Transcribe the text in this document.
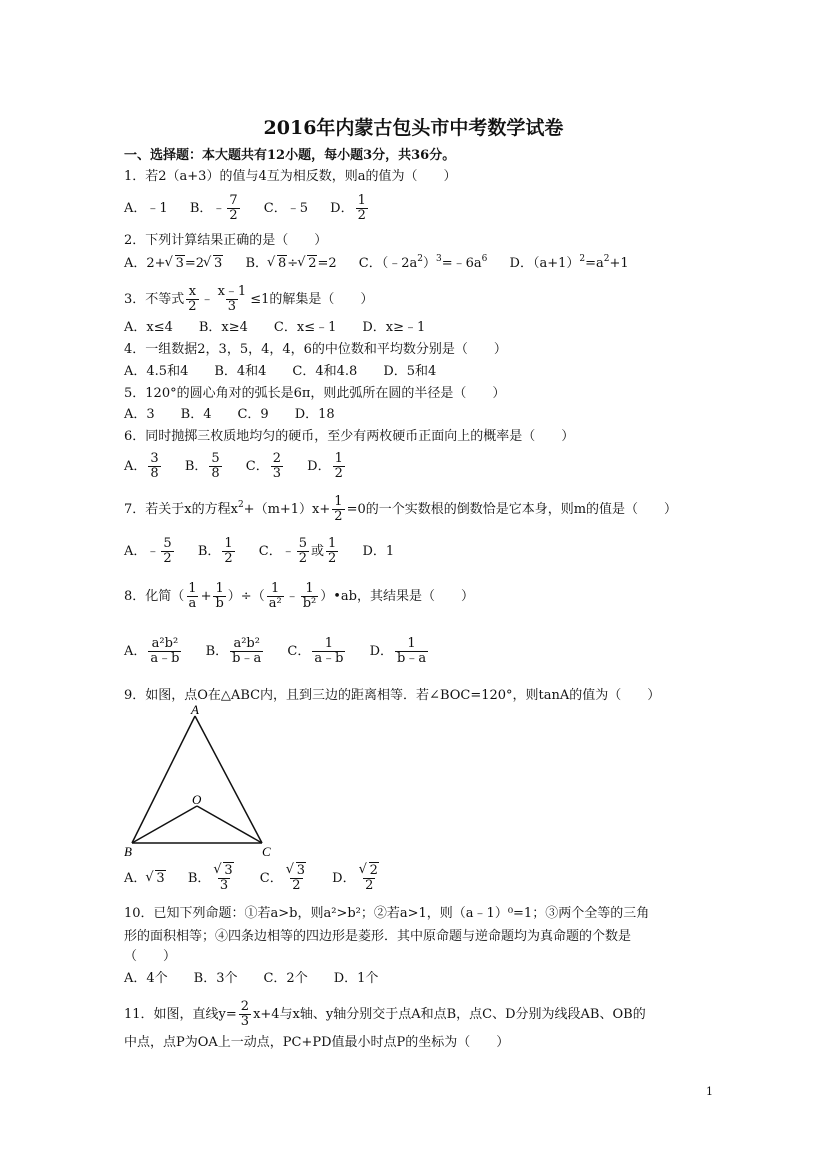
2016年内蒙古包头市中考数学试卷
一、选择题：本大题共有12小题，每小题3分，共36分。
1．若2（a+3）的值与4互为相反数，则a的值为（　　）
A．﹣1 B．﹣ $\frac{7}{2}$ C．﹣5 D． $\frac{1}{2}$
2．下列计算结果正确的是（　　）
A．2+ √ 3=2 √ 3 B． √ 8÷ √ 2=2 C．$(﹣2a^2)^3=﹣6a^6$ D．$(a+1)^2=a^2+1$
3．不等式 $\frac{x}{2}$ ﹣ $\frac{x﹣1}{3} \le 1$的解集是（　　）
A．x≤4　　B．x≥4　　C．x≤﹣1　　D．x≥﹣1
4．一组数据2，3，5，4，4，6的中位数和平均数分别是（　　）
A．4.5和4　　B．4和4　　C．4和4.8　　D．5和4
5．120°的圆心角对的弧长是6π，则此弧所在圆的半径是（　　）
A．3　　B．4　　C．9　　D．18
6．同时抛掷三枚质地均匀的硬币，至少有两枚硬币正面向上的概率是（　　）
A． $\frac{3}{8}$ B． $\frac{5}{8}$ C． $\frac{2}{3}$ D． $\frac{1}{2}$
7．若关于x的方程$x^2+(m+1)x+ \frac{1}{2} =0$的一个实数根的倒数恰是它本身，则m的值是（　　）
A．﹣ $\frac{5}{2}$ B． $\frac{1}{2}$ C．﹣ $\frac{5}{2}$ 或 $\frac{1}{2}$ D．1
8．化简（ $\frac{1}{a} + \frac{1}{b}$ ）÷（ $\frac{1}{\text{a²}}$ ﹣ $\frac{1}{\text{b²}}$ ）•ab，其结果是（　　）
A． $\frac{\text{a²b²}}{a﹣b}$ B． $\frac{\text{a²b²}}{b﹣a}$ C． $\frac{1}{a﹣b}$ D． $\frac{1}{b﹣a}$
9．如图，点O在△ABC内，且到三边的距离相等．若∠BOC=120°，则tanA的值为（　　）
A
O
B	C
A． √ 3 B． √ $\frac{3}{3}$ C． √ $\frac{3}{2}$ D． √ $\frac{2}{2}$
10．已知下列命题：①若a>b，则a²>b²；②若a>1，则（a﹣1）⁰=1；③两个全等的三角
形的面积相等；④四条边相等的四边形是菱形．其中原命题与逆命题均为真命题的个数是
（　　）
A．4个　　B．3个　　C．2个　　D．1个
11．如图，直线$y= \frac{2}{3} x+4$与x轴、y轴分别交于点A和点B，点C、D分别为线段AB、OB的
中点，点P为OA上一动点，PC+PD值最小时点P的坐标为（　　）
1
